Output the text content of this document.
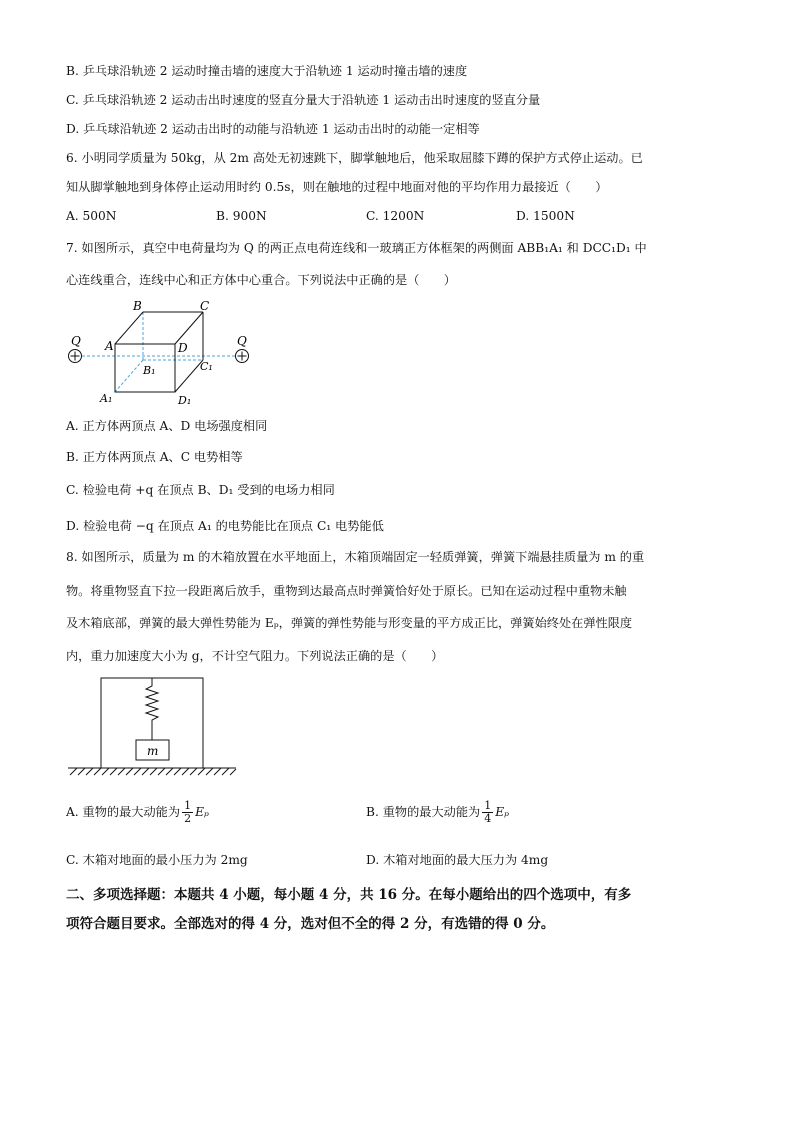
B. 乒乓球沿轨迹 2 运动时撞击墙的速度大于沿轨迹 1 运动时撞击墙的速度
C. 乒乓球沿轨迹 2 运动击出时速度的竖直分量大于沿轨迹 1 运动击出时速度的竖直分量
D. 乒乓球沿轨迹 2 运动击出时的动能与沿轨迹 1 运动击出时的动能一定相等
6. 小明同学质量为 50kg，从 2m 高处无初速跳下，脚掌触地后，他采取屈膝下蹲的保护方式停止运动。已
知从脚掌触地到身体停止运动用时约 0.5s，则在触地的过程中地面对他的平均作用力最接近（　　）
A. 500N	B. 900N	C. 1200N	D. 1500N
7. 如图所示，真空中电荷量均为 Q 的两正点电荷连线和一玻璃正方体框架的两侧面 ABB₁A₁ 和 DCC₁D₁ 中
心连线重合，连线中心和正方体中心重合。下列说法中正确的是（　　）
Q	Q
B	C
A	D
B₁	C₁
A₁	D₁
A. 正方体两顶点 A、D 电场强度相同
B. 正方体两顶点 A、C 电势相等
C. 检验电荷 +q 在顶点 B、D₁ 受到的电场力相同
D. 检验电荷 −q 在顶点 A₁ 的电势能比在顶点 C₁ 电势能低
8. 如图所示，质量为 m 的木箱放置在水平地面上，木箱顶端固定一轻质弹簧，弹簧下端悬挂质量为 m 的重
物。将重物竖直下拉一段距离后放手，重物到达最高点时弹簧恰好处于原长。已知在运动过程中重物未触
及木箱底部，弹簧的最大弹性势能为 Eₚ，弹簧的弹性势能与形变量的平方成正比，弹簧始终处在弹性限度
内，重力加速度大小为 g，不计空气阻力。下列说法正确的是（　　）
m
A. 重物的最大动能为 $\frac{1}{2}$ Eₚ	B. 重物的最大动能为 $\frac{1}{4}$ Eₚ
C. 木箱对地面的最小压力为 2mg	D. 木箱对地面的最大压力为 4mg
二、多项选择题：本题共 4 小题，每小题 4 分，共 16 分。在每小题给出的四个选项中，有多
项符合题目要求。全部选对的得 4 分，选对但不全的得 2 分，有选错的得 0 分。
